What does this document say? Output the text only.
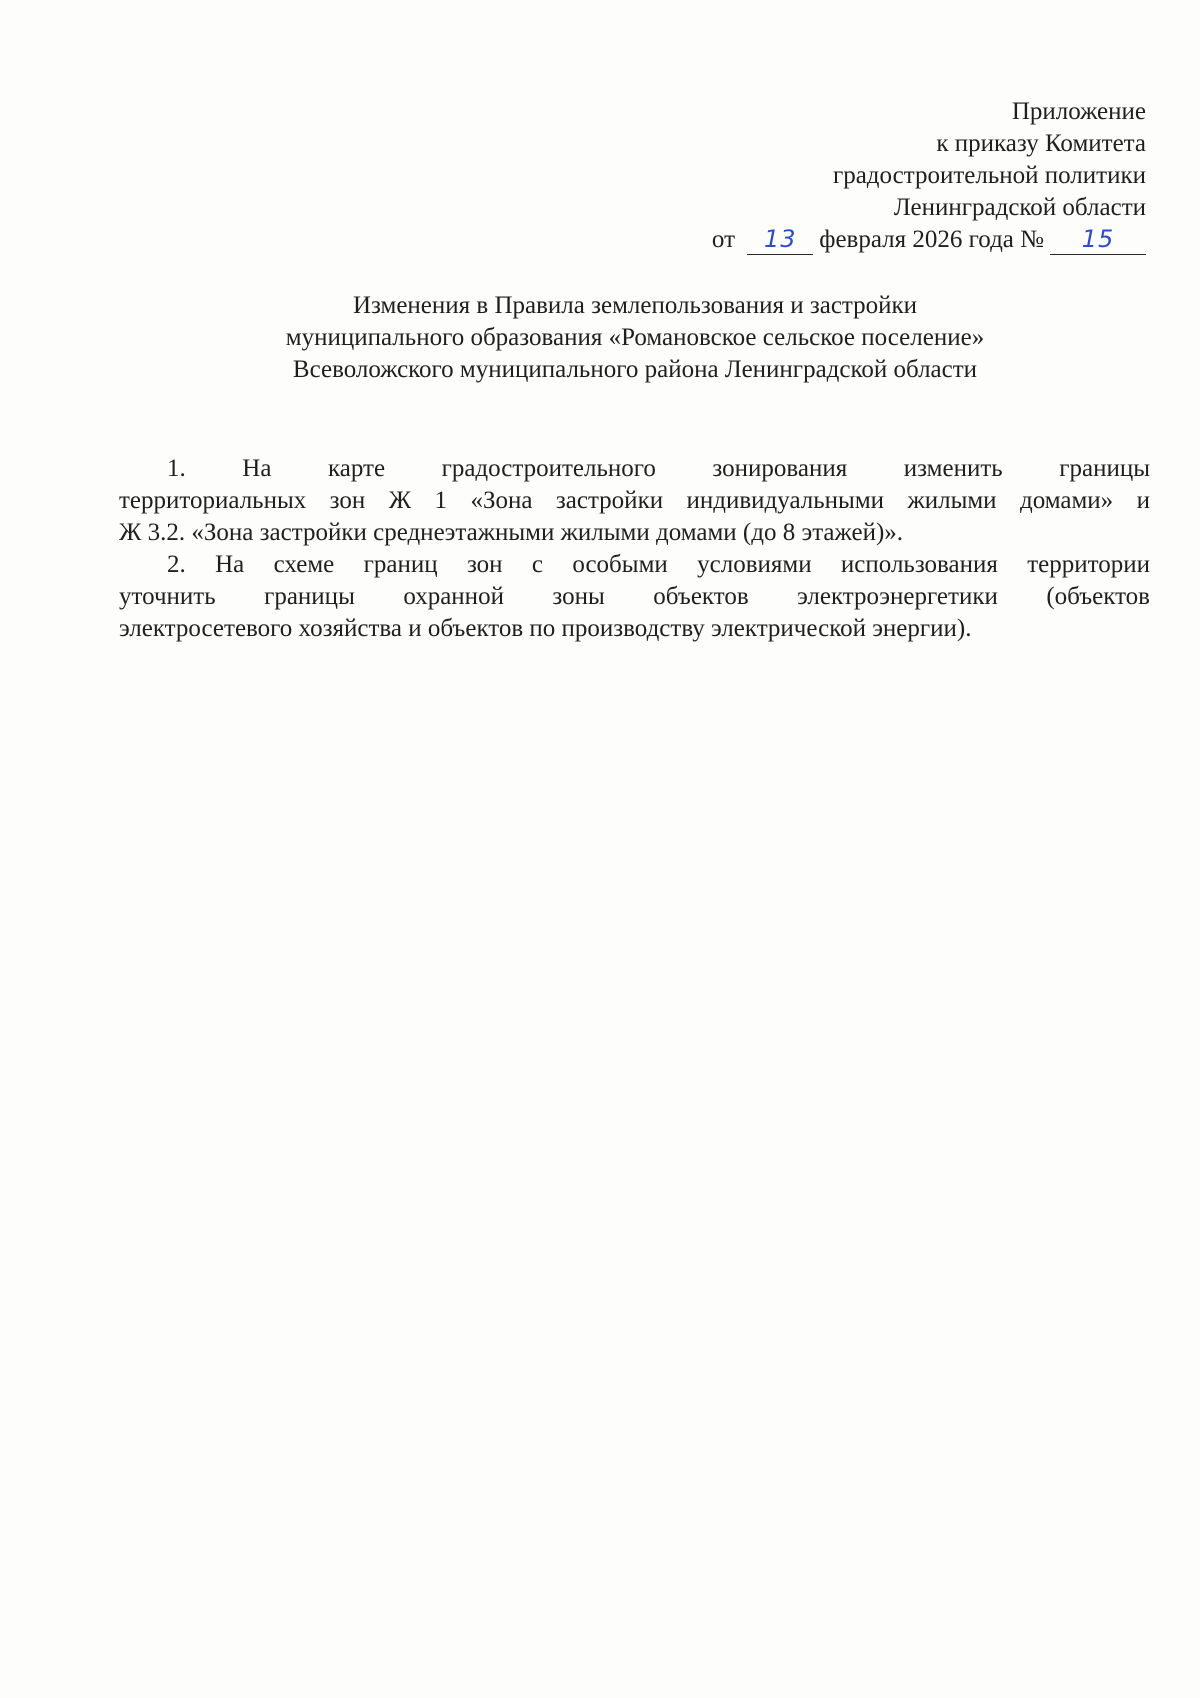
Приложение
к приказу Комитета
градостроительной политики
Ленинградской области
от 13 февраля 2026 года № 15
Изменения в Правила землепользования и застройки
муниципального образования «Романовское сельское поселение»
Всеволожского муниципального района Ленинградской области

1. На карте градостроительного зонирования изменить границы
территориальных зон Ж 1 «Зона застройки индивидуальными жилыми домами» и
Ж 3.2. «Зона застройки среднеэтажными жилыми домами (до 8 этажей)».

2. На схеме границ зон с особыми условиями использования территории
уточнить границы охранной зоны объектов электроэнергетики (объектов
электросетевого хозяйства и объектов по производству электрической энергии).
